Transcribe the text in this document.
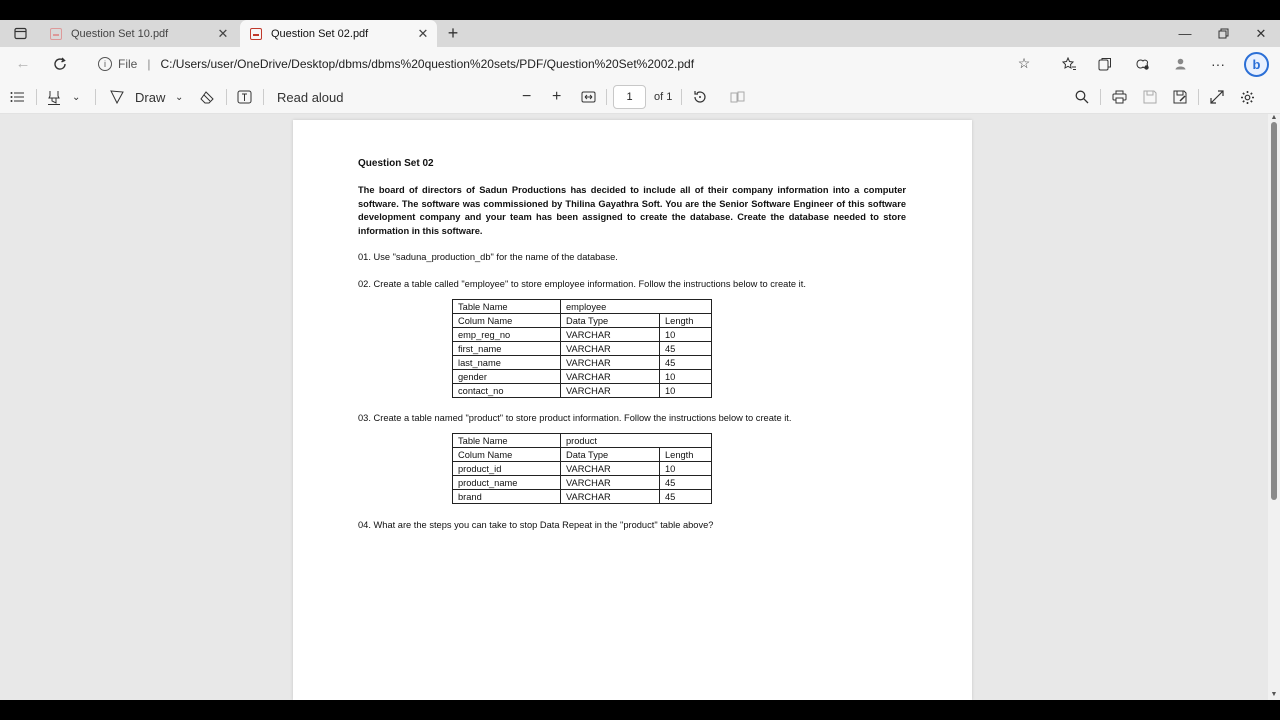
Question Set 10.pdf	✕	Question Set 02.pdf	✕ +	—	✕
←	i	File | C:/Users/user/OneDrive/Desktop/dbms/dbms%20question%20sets/PDF/Question%20Set%2002.pdf	☆	···	b
⌄	Draw ⌄	Read aloud	− +	1	of 1
Question Set 02
The board of directors of Sadun Productions has decided to include all of their company information into a computer software. The software was commissioned by Thilina Gayathra Soft. You are the Senior Software Engineer of this software development company and your team has been assigned to create the database. Create the database needed to store information in this software.
01. Use "saduna_production_db" for the name of the database.
02. Create a table called "employee" to store employee information. Follow the instructions below to create it.
Table Name	employee	
Colum Name	Data Type	Length
emp_reg_no	VARCHAR	10
first_name	VARCHAR	45
last_name	VARCHAR	45
gender	VARCHAR	10
contact_no	VARCHAR	10
03. Create a table named "product" to store product information. Follow the instructions below to create it.
Table Name	product	
Colum Name	Data Type	Length
product_id	VARCHAR	10
product_name	VARCHAR	45
brand	VARCHAR	45
04. What are the steps you can take to stop Data Repeat in the "product" table above?
▲
▼
